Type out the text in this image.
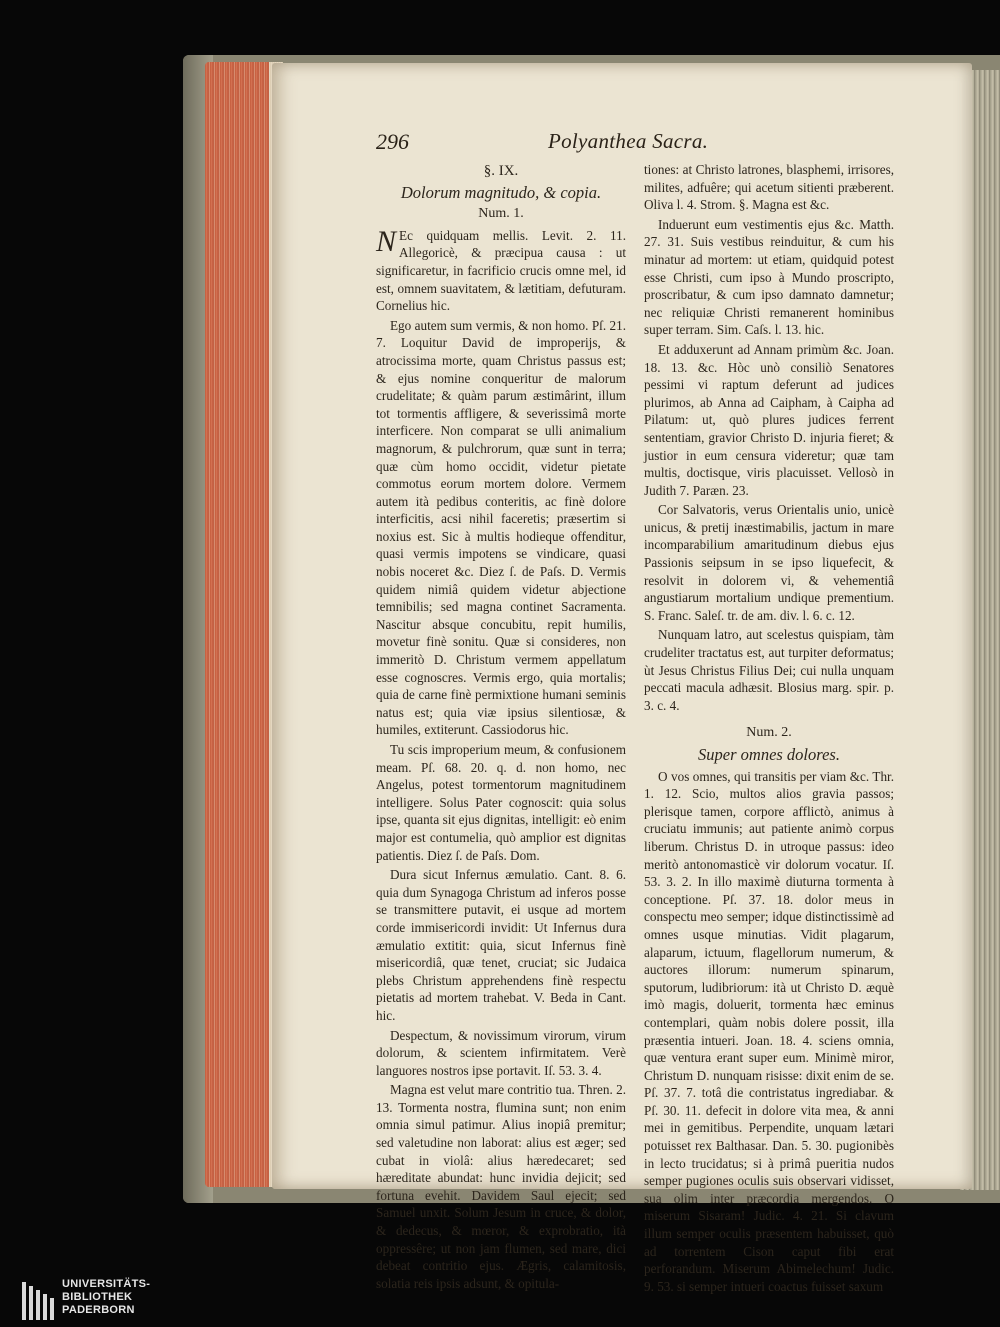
296	Polyanthea Sacra.
§. IX.
Dolorum magnitudo, & copia.
Num. 1.

N Ec quidquam mellis. Levit. 2. 11. Allegoricè, & præcipua causa : ut significaretur, in facrificio crucis omne mel, id est, omnem suavitatem, & lætitiam, defuturam. Cornelius hic.

Ego autem sum vermis, & non homo. Pſ. 21. 7. Loquitur David de improperijs, & atrocissima morte, quam Christus passus est; & ejus nomine conqueritur de malorum crudelitate; & quàm parum æstimârint, illum tot tormentis affligere, & severissimâ morte interficere. Non comparat se ulli animalium magnorum, & pulchrorum, quæ sunt in terra; quæ cùm homo occidit, videtur pietate commotus eorum mortem dolore. Vermem autem ità pedibus conteritis, ac finè dolore interficitis, acsi nihil faceretis; præsertim si noxius est. Sic à multis hodieque offenditur, quasi vermis impotens se vindicare, quasi nobis noceret &c. Diez ſ. de Paſs. D. Vermis quidem nimiâ quidem videtur abjectione temnibilis; sed magna continet Sacramenta. Nascitur absque concubitu, repit humilis, movetur finè sonitu. Quæ si consideres, non immeritò D. Christum vermem appellatum esse cognoscres. Vermis ergo, quia mortalis; quia de carne finè permixtione humani seminis natus est; quia viæ ipsius silentiosæ, & humiles, extiterunt. Cassiodorus hic.

Tu scis improperium meum, & confusionem meam. Pſ. 68. 20. q. d. non homo, nec Angelus, potest tormentorum magnitudinem intelligere. Solus Pater cognoscit: quia solus ipse, quanta sit ejus dignitas, intelligit: eò enim major est contumelia, quò amplior est dignitas patientis. Diez ſ. de Paſs. Dom.

Dura sicut Infernus æmulatio. Cant. 8. 6. quia dum Synagoga Christum ad inferos posse se transmittere putavit, ei usque ad mortem corde immisericordi invidit: Ut Infernus dura æmulatio extitit: quia, sicut Infernus finè misericordiâ, quæ tenet, cruciat; sic Judaica plebs Christum apprehendens finè respectu pietatis ad mortem trahebat. V. Beda in Cant. hic.

Despectum, & novissimum virorum, virum dolorum, & scientem infirmitatem. Verè languores nostros ipse portavit. Iſ. 53. 3. 4.

Magna est velut mare contritio tua. Thren. 2. 13. Tormenta nostra, flumina sunt; non enim omnia simul patimur. Alius inopiâ premitur; sed valetudine non laborat: alius est æger; sed cubat in violâ: alius hæredecaret; sed hæreditate abundat: hunc invidia dejicit; sed fortuna evehit. Davidem Saul ejecit; sed Samuel unxit. Solum Jesum in cruce, & dolor, & dedecus, & mœror, & exprobratio, ità oppressêre; ut non jam flumen, sed mare, dici debeat contritio ejus. Ægris, calamitosis, solatia reis ipsis adsunt, & opitula-

tiones: at Christo latrones, blasphemi, irrisores, milites, adfuêre; qui acetum sitienti præberent. Oliva l. 4. Strom. §. Magna est &c.

Induerunt eum vestimentis ejus &c. Matth. 27. 31. Suis vestibus reinduitur, & cum his minatur ad mortem: ut etiam, quidquid potest esse Christi, cum ipso à Mundo proscripto, proscribatur, & cum ipso damnato damnetur; nec reliquiæ Christi remanerent hominibus super terram. Sim. Caſs. l. 13. hic.

Et adduxerunt ad Annam primùm &c. Joan. 18. 13. &c. Hòc unò consiliò Senatores pessimi vi raptum deferunt ad judices plurimos, ab Anna ad Caipham, à Caipha ad Pilatum: ut, quò plures judices ferrent sententiam, gravior Christo D. injuria fieret; & justior in eum censura videretur; quæ tam multis, doctisque, viris placuisset. Vellosò in Judith 7. Paræn. 23.

Cor Salvatoris, verus Orientalis unio, unicè unicus, & pretij inæstimabilis, jactum in mare incomparabilium amaritudinum diebus ejus Passionis seipsum in se ipso liquefecit, & resolvit in dolorem vi, & vehementiâ angustiarum mortalium undique prementium. S. Franc. Saleſ. tr. de am. div. l. 6. c. 12.

Nunquam latro, aut scelestus quispiam, tàm crudeliter tractatus est, aut turpiter deformatus; ùt Jesus Christus Filius Dei; cui nulla unquam peccati macula adhæsit. Blosius marg. spir. p. 3. c. 4.

Num. 2.
Super omnes dolores.

O vos omnes, qui transitis per viam &c. Thr. 1. 12. Scio, multos alios gravia passos; plerisque tamen, corpore afflictò, animus à cruciatu immunis; aut patiente animò corpus liberum. Christus D. in utroque passus: ideo meritò antonomasticè vir dolorum vocatur. Iſ. 53. 3. 2. In illo maximè diuturna tormenta à conceptione. Pſ. 37. 18. dolor meus in conspectu meo semper; idque distinctissimè ad omnes usque minutias. Vidit plagarum, alaparum, ictuum, flagellorum numerum, & auctores illorum: numerum spinarum, sputorum, ludibriorum: ità ut Christo D. æquè imò magis, doluerit, tormenta hæc eminus contemplari, quàm nobis dolere possit, illa præsentia intueri. Joan. 18. 4. sciens omnia, quæ ventura erant super eum. Minimè miror, Christum D. nunquam risisse: dixit enim de se. Pſ. 37. 7. totâ die contristatus ingrediabar. & Pſ. 30. 11. defecit in dolore vita mea, & anni mei in gemitibus. Perpendite, unquam lætari potuisset rex Balthasar. Dan. 5. 30. pugionibès in lecto trucidatus; si à primâ pueritia nudos semper pugiones oculis suis observari vidisset, sua olim inter præcordia mergendos. O miserum Sisaram! Judic. 4. 21. Si clavum illum semper oculis præsentem habuisset, quò ad torrentem Cison caput fibi erat perforandum. Miserum Abimelechum! Judic. 9. 53. si semper intueri coactus fuisset saxum

UNIVERSITÄTS-
BIBLIOTHEK
PADERBORN
